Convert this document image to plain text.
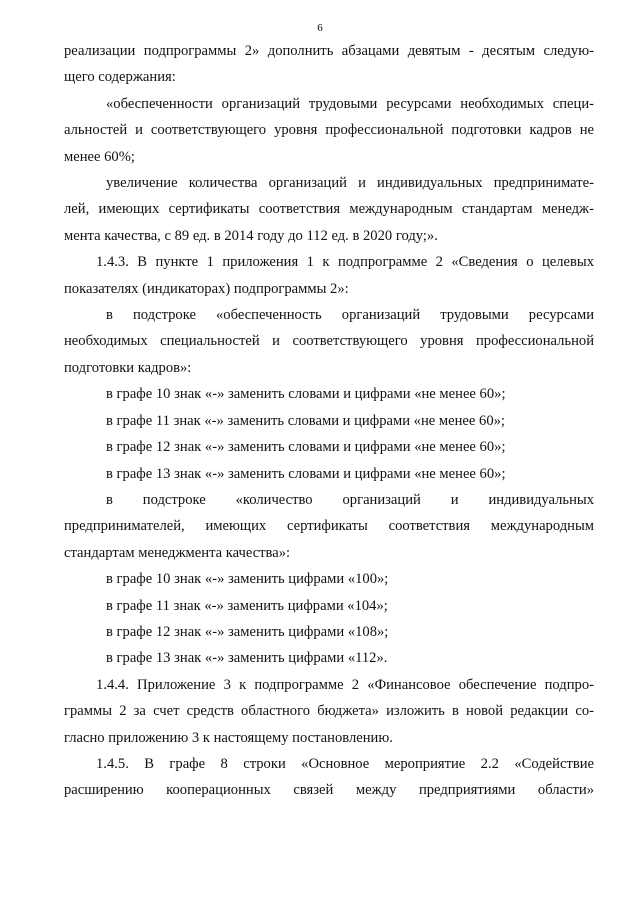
6
реализации подпрограммы 2» дополнить абзацами девятым - десятым следую-
щего содержания:
«обеспеченности организаций трудовыми ресурсами необходимых специ-
альностей и соответствующего уровня профессиональной подготовки кадров не
менее 60%;
увеличение количества организаций и индивидуальных предпринимате-
лей, имеющих сертификаты соответствия международным стандартам менедж-
мента качества, с 89 ед. в 2014 году до 112 ед. в 2020 году;».
1.4.3. В пункте 1 приложения 1 к подпрограмме 2 «Сведения о целевых
показателях (индикаторах) подпрограммы 2»:
в подстроке «обеспеченность организаций трудовыми ресурсами
необходимых специальностей и соответствующего уровня профессиональной
подготовки кадров»:
в графе 10 знак «-» заменить словами и цифрами «не менее 60»;
в графе 11 знак «-» заменить словами и цифрами «не менее 60»;
в графе 12 знак «-» заменить словами и цифрами «не менее 60»;
в графе 13 знак «-» заменить словами и цифрами «не менее 60»;
в подстроке «количество организаций и индивидуальных
предпринимателей, имеющих сертификаты соответствия международным
стандартам менеджмента качества»:
в графе 10 знак «-» заменить цифрами «100»;
в графе 11 знак «-» заменить цифрами «104»;
в графе 12 знак «-» заменить цифрами «108»;
в графе 13 знак «-» заменить цифрами «112».
1.4.4. Приложение 3 к подпрограмме 2 «Финансовое обеспечение подпро-
граммы 2 за счет средств областного бюджета» изложить в новой редакции со-
гласно приложению 3 к настоящему постановлению.
1.4.5. В графе 8 строки «Основное мероприятие 2.2 «Содействие
расширению кооперационных связей между предприятиями области»
